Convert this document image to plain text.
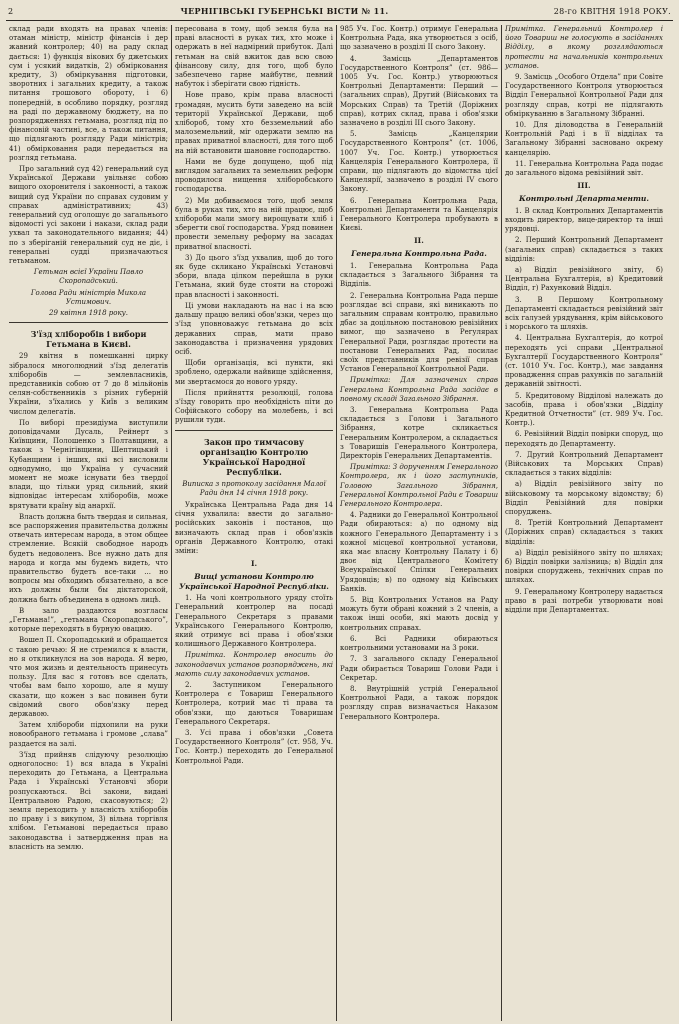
2	ЧЕРНІГІВСЬКІ ГУБЕРНСЬКІ ВІСТИ № 11.	28-го КВІТНЯ 1918 РОКУ.

склад ради входять на правах членів: отаман міністр, міністр фінансів і дер жавний контролер; 40) на раду склад дається: 1) функція вікових бу джетських сум і усякий видатків, 2) обмірковання кредиту, 3) обміркування підготовки, зворотних і загальних кредиту, а також питання грошового обороту, і 6) попередній, в особливо порядку, розгляд на раді по державному бюджету, на по розпорядженнях гетьмана, розгляд під по фінансовій частині, все, а також питання, що підлягають розгляду Ради міністрів; 41) обмірковання ради передається на розгляд гетьмана.

Про загальний суд 42) генеральний суд Української Держави увільняє собою вищого охоронителя і законності, а також вищий суд України по справах судовим у справах адміністративних; 43) генеральний суд оголошує до загальнього відомості усі закони і накази, склад ради ухвал та законодательного видання; 44) по з зберіганій генеральний суд не діє, і генеральні судді призначаються гетьманом.

Гетьман всієї України Павло Скоропадський.
Голова Ради міністрів Микола Устимович.
29 квітня 1918 року.
З'їзд хліборобів і вибори Гетьмана в Києві.

29 квітня в помешканні цирку зібралося многолюдний з'їзд делегатів хліборобів — землевласників, представників собою от 7 до 8 мільйонів селян-собственників з різних губерній України, з'їхались у Київ з великим числом делегатів.

По виборі президіума виступили доповідачами Дусаль, Рейнерт з Київщини, Полошенко з Полтавщини, а також з Чернігівщини, Шептицький і Кубанщини і інших, які всі висловили однодумно, що Україна у сучасний момент не може існувати без твердої влади, що тільки уряд сильний, який відповідає інтересам хліборобів, може врятувати країну від анархії.

Власть должна быть твердая и сильная, все распоряжения правительства должны отвечать интересам народа, в этом общее стремление. Всякій свободное народъ будетъ недоволенъ. Все нужно дать для народа и когда мы будемъ видеть, что правительство будетъ все-таки ... но вопросы мы обходимъ обязательно, а все ихъ должны были бы діктаторской, должна быть объединена в одномъ лицѣ.

В зало раздаются возгласы „Гетьмана!”, „гетьмана Скоропадського”, которые переходять в бурную овацию.

Вошел П. Скоропадський и обращается с такою речью: Я не стремился к власти, но я откликнулся на зов народа. Я верю, что моя жизнь и деятельность принесуть пользу. Для вас я готовъ все сделать, чтобы вам было хорошо, але я мушу сказати, що кожен з вас повинен бути свідомий свого обов'язку перед державою.

Затем хлібороби підхопили на руки новообраного гетьмана і громове „слава” раздается на залі.

З'їзд прийняв слідуючу резолюцію одноголосно: 1) вся влада в Україні переходить до Гетьмана, а Центральна Рада і Українські Установчі збори розпускаються. Всі закони, видані Центральною Радою, скасовуються; 2) земля переходить у власність хліборобів по праву і з викупом, 3) вільна торгівля хлібом. Гетьманові передається право законодавства і затвердження прав на власність на землю.

пересована в тому, щоб земля була на праві власності в руках тих, хто може і одержать в неї надмірний прибуток. Далі гетьман на свій вжиток дав всю свою фінансову силу, для того, щоб було забезпечено гарне майбутнє, певний набуток і зберігати свою гідність.

Нове право, крім права власності громадян, мусить бути заведено на всій території Української Держави, щоб хлібороб, тому хто безземельний або малоземельний, міг одержати землю на правах приватної власності, для того щоб на ній встановити шановне господарство.

Нами не буде допущено, щоб під виглядом загальних та земельних реформ проводилося нищення хліборобського господарства.

2) Ми добиваємося того, щоб земля була в руках тих, хто на ній працює, щоб хлібороби мали змогу вирощувати хліб і зберегти свої господарства. Уряд повинен провести земельну реформу на засадах приватної власності.

3) До цього з'їзд ухвалив, щоб до того як буде скликано Українські Установчі збори, влада цілком перейшла в руки Гетьмана, який буде стояти на сторожі прав власності і законності.

Ці умови накладають на нас і на всю дальшу працю великі обов'язки, через що з'їзд уповноважує гетьмана до всіх державних справ, мати право законодавства і призначення урядових осіб.

Щоби організація, всі пункти, які зроблено, одержали найвище здійснення, ми звертаємося до нового уряду.

Після прийняття резолюції, голова з'їзду говорить про необхідність піти до Софійського собору на молебень, і всі рушили туди.

Закон про тимчасову організацію Контролю Української Народної Республіки.
Виписка з протоколу засідання Малої Ради дня 14 січня 1918 року.

Українська Центральна Рада дня 14 січня ухвалила: ввести до загально-російських законів і постанов, що визначають склад прав і обов'язків органів Державного Контролю, отакі зміни:

I.
Вищі установи Контролю Української Народної Республіки.

1. На чолі контрольного уряду стоїть Генеральний контролер на посаді Генерального Секретаря з правами Українського Генерального Контролю, який отримує всі права і обов'язки колишнього Державного Контролера.

Примітка. Контролер вносить до законодавчих установ розпоряджень, які мають силу законодавчих установ.

2. Заступником Генерального Контролера є Товариш Генерального Контролера, котрий має ті права та обов'язки, що даються Товаришам Генерального Секретаря.

3. Усі права і обов'язки „Совета Государственного Контроля” (ст. 958, Уч. Гос. Контр.) переходять до Генеральної Контрольної Ради.

985 Уч. Гос. Контр.) отримує Генеральна Контрольна Рада, яка утворюється з осіб, що зазначено в розділі II сього Закону.

4. Замісць „Департаментов Государственного Контроля” (ст. 986—1005 Уч. Гос. Контр.) утворюються Контрольні Департаменти: Перший — (загальних справ), Другий (Військових та Морських Справ) та Третій (Доріжних справ), котрих склад, права і обов'язки зазначено в розділі III сього Закону.

5. Замісць „Канцелярии Государственного Контроля” (ст. 1006, 1007 Уч. Гос. Контр.) утворюється Канцелярія Генерального Контролера, її справи, що підлягають до відомства цієї Канцелярії, зазначено в розділі IV сього Закону.

6. Генеральна Контрольна Рада, Контрольні Департаменти та Канцелярія Генерального Контролера пробувають в Києві.

II.
Генеральна Контрольна Рада.

1. Генеральна Контрольна Рада складається з Загального Зібрання та Відділів.

2. Генеральна Контрольна Рада перше розглядає всі справи, які виникають по загальним справам контролю, правильно дбає за доцільною постановою ревізійних вимог, що зазначено в Регулярах Генеральної Ради, розглядає протести на постанови Генеральних Рад, посилає своїх представників для ревізії справ Установ Генеральної Контрольної Ради.

Примітка: Для зазначених справ Генеральна Контрольна Рада засідає в повному складі Загального Зібрання.

3. Генеральна Контрольна Рада складається з Голови і Загального Зібрання, котре скликається Генеральним Контролером, а складається з Товаришів Генерального Контролера, Директорів Генеральних Департаментів.

Примітка: З дорученням Генерального Контролера, як і його заступників, Головою Загального Зібрання, Генеральної Контрольної Ради є Товариш Генерального Контролера.

4. Радники до Генеральної Контрольної Ради обираються: а) по одному від кожного Генерального Департаменту і з кожної місцевої контрольної установи, яка має власну Контрольну Палату і б) двоє від Центрального Комітету Всеукраїнської Спілки Генеральних Урядовців; в) по одному від Київських Банків.

5. Від Контрольних Установ на Раду можуть бути обрані кожний з 2 членів, а також інші особи, які мають досвід у контрольних справах.

6. Всі Радники обираються контрольними установами на 3 роки.

7. З загального складу Генеральної Ради обирається Товариш Голови Ради і Секретар.

8. Внутрішній устрій Генеральної Контрольної Ради, а також порядок розгляду справ визначається Наказом Генерального Контролера.

Примітка. Генеральний Контролер і його Товариш не голосують в засіданнях Відділу, в якому розглядаються протести на начальників контрольних установ.

9. Замісць „Особого Отдела” при Совіте Государственного Контроля утворюється Відділ Генеральної Контрольної Ради для розгляду справ, котрі не підлягають обміркуванню в Загальному Зібранні.

10. Для діловодства в Генеральній Контрольній Раді і в її відділах та Загальному Зібранні засновано окрему канцелярію.

11. Генеральна Контрольна Рада подає до загального відома ревізійний звіт.

III.
Контрольні Департаменти.

1. В склад Контрольних Департаментів входить директор, вице-директор та інші урядовці.

2. Перший Контрольний Департамент (загальних справ) складається з таких відділів:

а) Відділ ревізійного звіту, б) Центральна Бухгалтерія, в) Кредитовий Відділ, г) Рахунковий Відділ.

3. В Першому Контрольному Департаменті складається ревізійний звіт всіх галузей урядування, крім військового і морського та шляхів.

4. Центральна Бухгалтерія, до котрої переходять усі справи „Центральної Бухгалтерії Государственного Контроля” (ст. 1010 Уч. Гос. Контр.), має завдання провадження справ рахунків по загальній державній звітності.

5. Кредитовому Відділові належать до засобів, права і обов'язки „Відділу Кредитной Отчетности” (ст. 989 Уч. Гос. Контр.).

6. Ревізійний Відділ повірки споруд, що переходять до Департаменту.

7. Другий Контрольний Департамент (Військових та Морських Справ) складається з таких відділів:

а) Відділ ревізійного звіту по військовому та морському відомству; б) Відділ Ревізійний для повірки споруджень.

8. Третій Контрольний Департамент (Доріжних справ) складається з таких відділів:

а) Відділ ревізійного звіту по шляхах; б) Відділ повірки залізниць; в) Відділ для повірки споруджень, технічних справ по шляхах.

9. Генеральному Контролеру надається право в разі потреби утворювати нові відділи при Департаментах.
